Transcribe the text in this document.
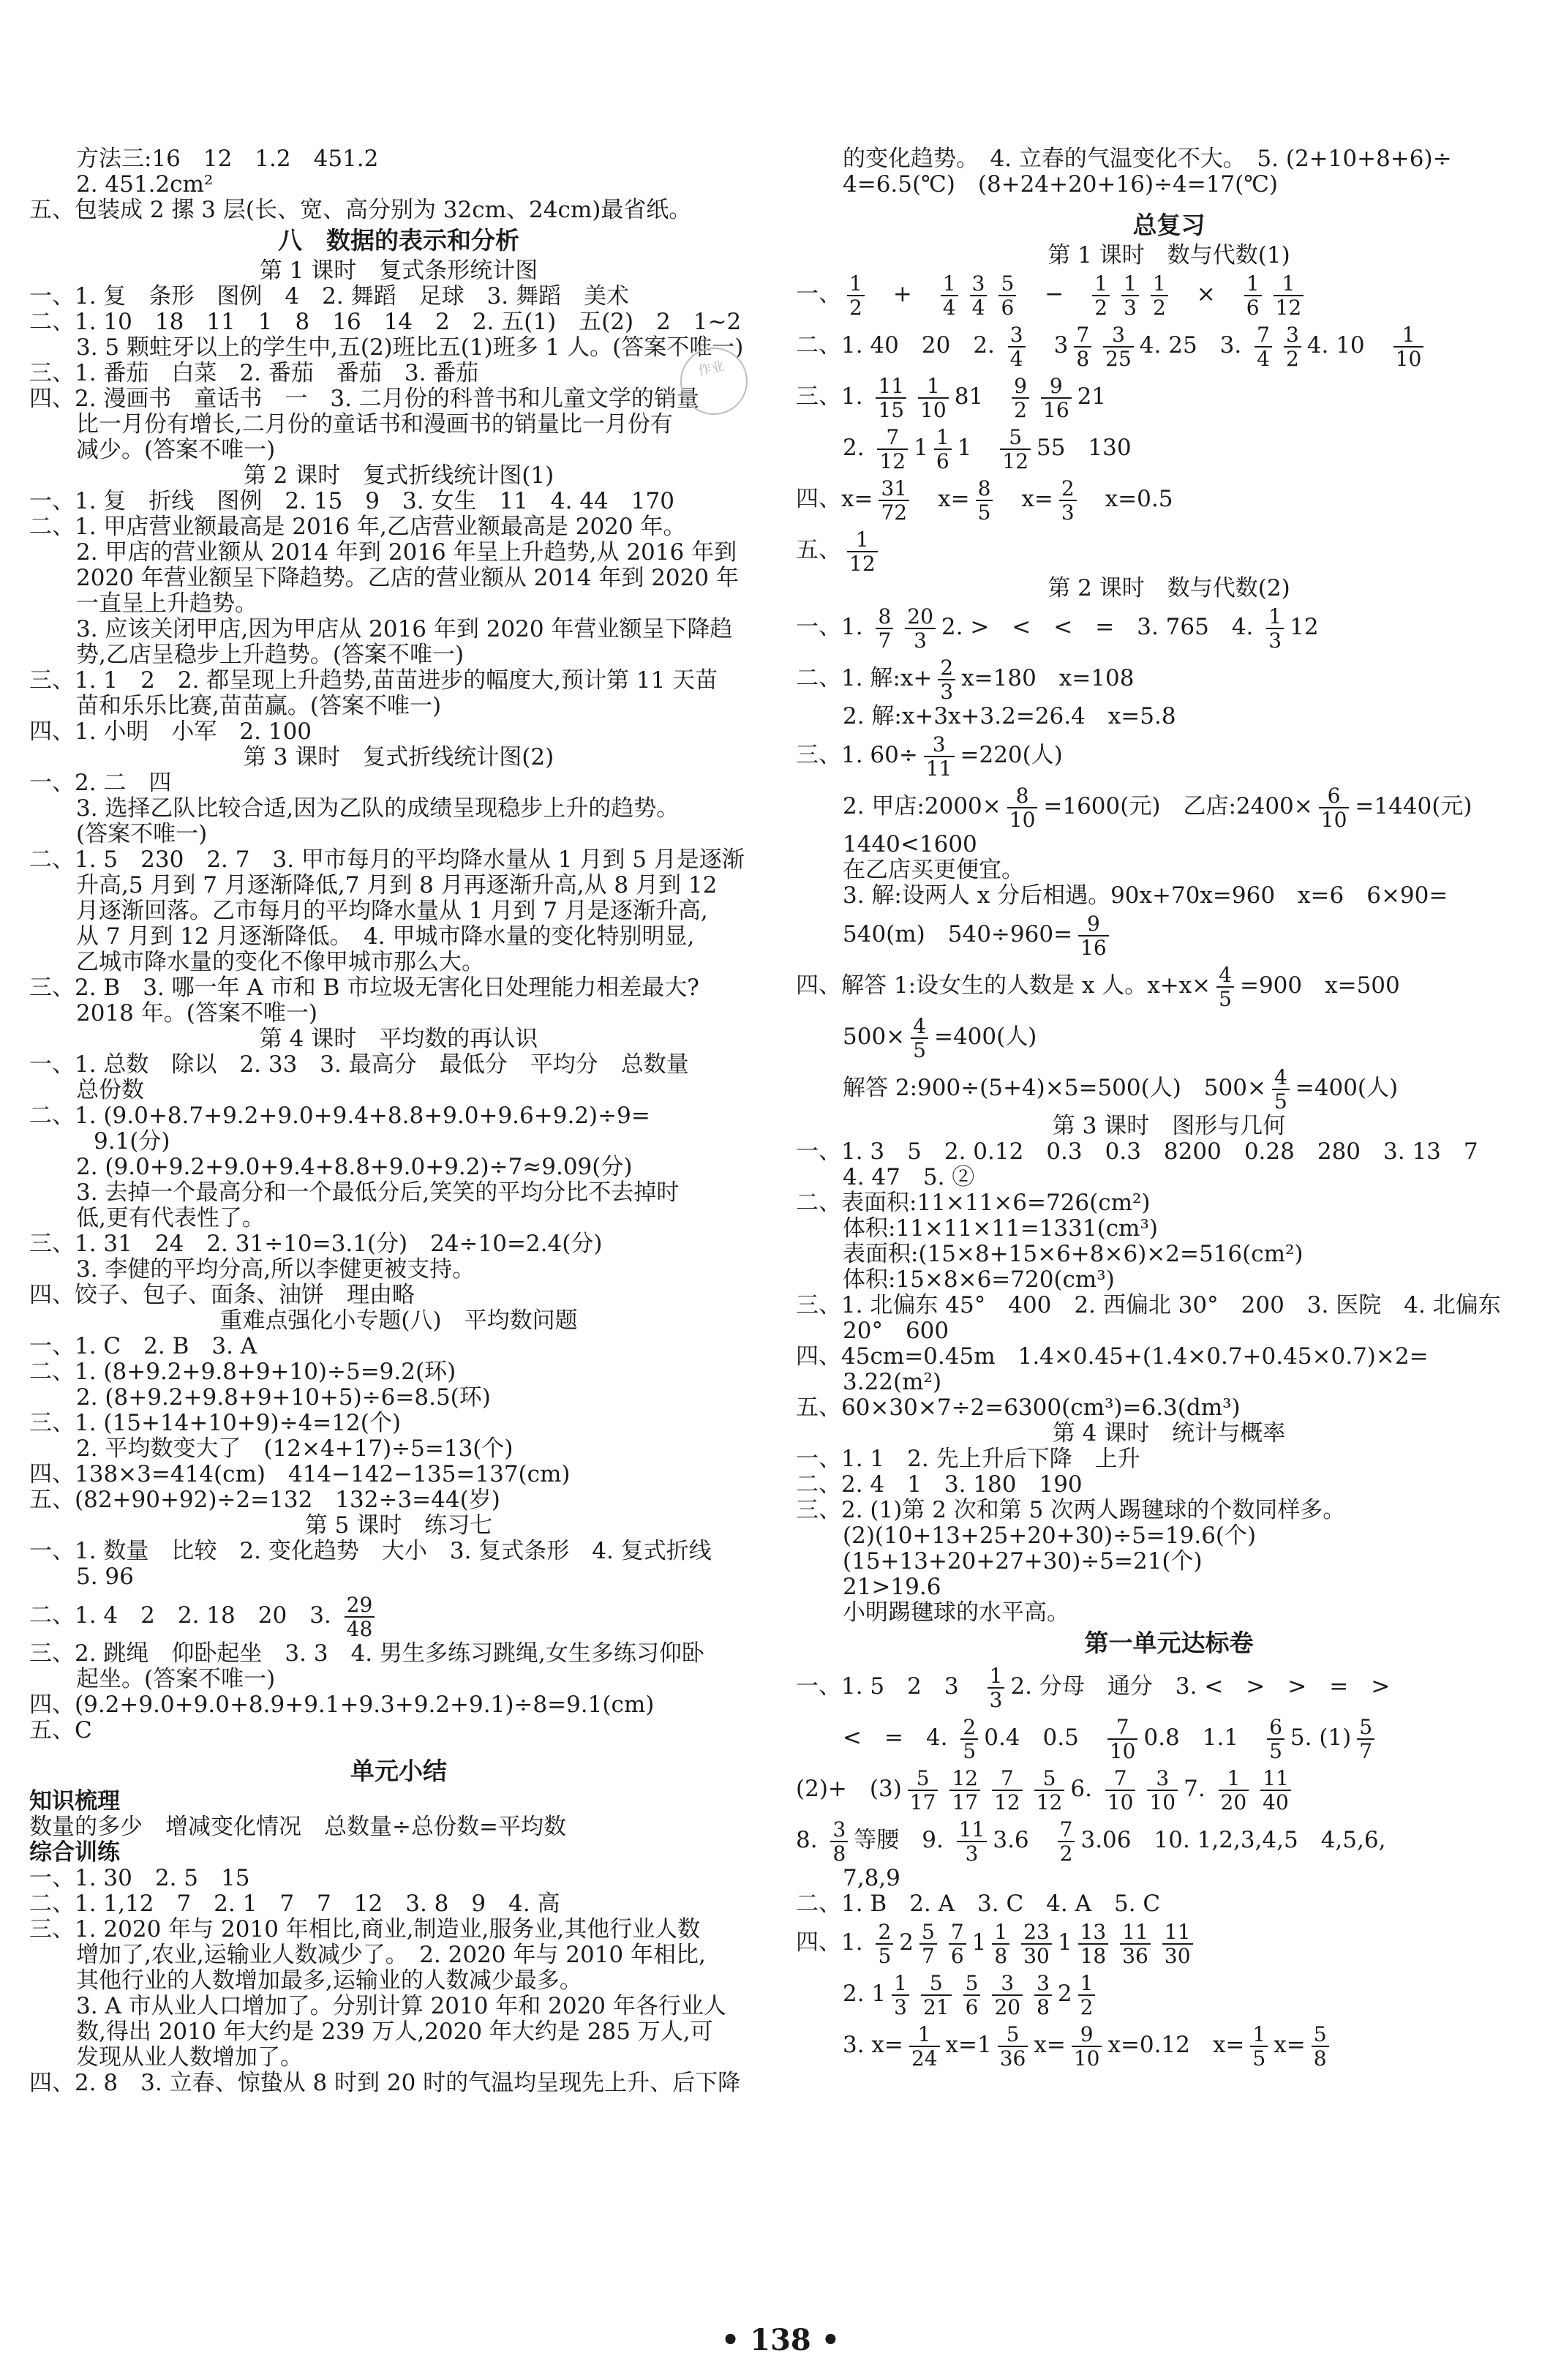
方法三:16　12　1.2　451.2
2. 451.2cm²
五、包装成 2 摞 3 层(长、宽、高分别为 32cm、24cm)最省纸。
八　数据的表示和分析
第 1 课时　复式条形统计图
一、1. 复　条形　图例　4　2. 舞蹈　足球　3. 舞蹈　美术
二、1. 10　18　11　1　8　16　14　2　2. 五(1)　五(2)　2　1~2
3. 5 颗蛀牙以上的学生中,五(2)班比五(1)班多 1 人。(答案不唯一)
三、1. 番茄　白菜　2. 番茄　番茄　3. 番茄
四、2. 漫画书　童话书　一　3. 二月份的科普书和儿童文学的销量
比一月份有增长,二月份的童话书和漫画书的销量比一月份有
减少。(答案不唯一)
第 2 课时　复式折线统计图(1)
一、1. 复　折线　图例　2. 15　9　3. 女生　11　4. 44　170
二、1. 甲店营业额最高是 2016 年,乙店营业额最高是 2020 年。
2. 甲店的营业额从 2014 年到 2016 年呈上升趋势,从 2016 年到
2020 年营业额呈下降趋势。乙店的营业额从 2014 年到 2020 年
一直呈上升趋势。
3. 应该关闭甲店,因为甲店从 2016 年到 2020 年营业额呈下降趋
势,乙店呈稳步上升趋势。(答案不唯一)
三、1. 1　2　2. 都呈现上升趋势,苗苗进步的幅度大,预计第 11 天苗
苗和乐乐比赛,苗苗赢。(答案不唯一)
四、1. 小明　小军　2. 100
第 3 课时　复式折线统计图(2)
一、2. 二　四
3. 选择乙队比较合适,因为乙队的成绩呈现稳步上升的趋势。
(答案不唯一)
二、1. 5　230　2. 7　3. 甲市每月的平均降水量从 1 月到 5 月是逐渐
升高,5 月到 7 月逐渐降低,7 月到 8 月再逐渐升高,从 8 月到 12
月逐渐回落。乙市每月的平均降水量从 1 月到 7 月是逐渐升高,
从 7 月到 12 月逐渐降低。　4. 甲城市降水量的变化特别明显,
乙城市降水量的变化不像甲城市那么大。
三、2. B　3. 哪一年 A 市和 B 市垃圾无害化日处理能力相差最大?
2018 年。(答案不唯一)
第 4 课时　平均数的再认识
一、1. 总数　除以　2. 33　3. 最高分　最低分　平均分　总数量
总份数
二、1. (9.0+8.7+9.2+9.0+9.4+8.8+9.0+9.6+9.2)÷9=
9.1(分)
2. (9.0+9.2+9.0+9.4+8.8+9.0+9.2)÷7≈9.09(分)
3. 去掉一个最高分和一个最低分后,笑笑的平均分比不去掉时
低,更有代表性了。
三、1. 31　24　2. 31÷10=3.1(分)　24÷10=2.4(分)
3. 李健的平均分高,所以李健更被支持。
四、饺子、包子、面条、油饼　理由略
重难点强化小专题(八)　平均数问题
一、1. C　2. B　3. A
二、1. (8+9.2+9.8+9+10)÷5=9.2(环)
2. (8+9.2+9.8+9+10+5)÷6=8.5(环)
三、1. (15+14+10+9)÷4=12(个)
2. 平均数变大了　(12×4+17)÷5=13(个)
四、138×3=414(cm)　414−142−135=137(cm)
五、(82+90+92)÷2=132　132÷3=44(岁)
第 5 课时　练习七
一、1. 数量　比较　2. 变化趋势　大小　3. 复式条形　4. 复式折线
5. 96
二、1. 4　2　2. 18　20　3. $\frac{29}{48}$
三、2. 跳绳　仰卧起坐　3. 3　4. 男生多练习跳绳,女生多练习仰卧
起坐。(答案不唯一)
四、(9.2+9.0+9.0+8.9+9.1+9.3+9.2+9.1)÷8=9.1(cm)
五、C
单元小结
知识梳理
数量的多少　增减变化情况　总数量÷总份数=平均数
综合训练
一、1. 30　2. 5　15
二、1. 1,12　7　2. 1　7　7　12　3. 8　9　4. 高
三、1. 2020 年与 2010 年相比,商业,制造业,服务业,其他行业人数
增加了,农业,运输业人数减少了。　2. 2020 年与 2010 年相比,
其他行业的人数增加最多,运输业的人数减少最多。
3. A 市从业人口增加了。分别计算 2010 年和 2020 年各行业人
数,得出 2010 年大约是 239 万人,2020 年大约是 285 万人,可
发现从业人数增加了。
四、2. 8　3. 立春、惊蛰从 8 时到 20 时的气温均呈现先上升、后下降
的变化趋势。　4. 立春的气温变化不大。　5. (2+10+8+6)÷
4=6.5(℃)　(8+24+20+16)÷4=17(℃)
总复习
第 1 课时　数与代数(1)
一、 $\frac{1}{2}$ 　+　 $\frac{1}{4} \frac{3}{4} \frac{5}{6}$ 　−　 $\frac{1}{2} \frac{1}{3} \frac{1}{2}$ 　×　 $\frac{1}{6} \frac{1}{12}$
二、1. 40　20　2. $\frac{3}{4}$ 　$3 \frac{7}{8} \frac{3}{25} 4$. 25　3. $\frac{7}{4} \frac{3}{2} 4$. 10　 $\frac{1}{10}$
三、1. $\frac{11}{15} \frac{1}{10} 81$　 $\frac{9}{2} \frac{9}{16} 21$
2. $\frac{7}{12} 1 \frac{1}{6} 1$　 $\frac{5}{12} 55$　130
四、$x= \frac{31}{72}$ 　$x= \frac{8}{5}$ 　$x= \frac{2}{3}$ 　x=0.5
五、 $\frac{1}{12}$
第 2 课时　数与代数(2)
一、1. $\frac{8}{7} \frac{20}{3} 2$. >　<　<　=　3. 765　4. $\frac{1}{3} 12$
二、1. 解:x+ $\frac{2}{3} x=180$　x=108
2. 解:x+3x+3.2=26.4　x=5.8
三、1. $60\div \frac{3}{11} =220$(人)
2. 甲店:2000× $\frac{8}{10} =1600$(元)　乙店:2400× $\frac{6}{10} =1440$(元)
1440<1600
在乙店买更便宜。
3. 解:设两人 x 分后相遇。90x+70x=960　x=6　6×90=
540(m)　$540\div 960= \frac{9}{16}$
四、解答 1:设女生的人数是 x 人。$x+x\times \frac{4}{5} =900$　x=500
$500\times \frac{4}{5} =400$(人)
解答 2:900÷(5+4)×5=500(人)　$500\times \frac{4}{5} =400$(人)
第 3 课时　图形与几何
一、1. 3　5　2. 0.12　0.3　0.3　8200　0.28　280　3. 13　7
4. 47　5. ②
二、表面积:11×11×6=726(cm²)
体积:11×11×11=1331(cm³)
表面积:(15×8+15×6+8×6)×2=516(cm²)
体积:15×8×6=720(cm³)
三、1. 北偏东 45°　400　2. 西偏北 30°　200　3. 医院　4. 北偏东
20°　600
四、45cm=0.45m　1.4×0.45+(1.4×0.7+0.45×0.7)×2=
3.22(m²)
五、60×30×7÷2=6300(cm³)=6.3(dm³)
第 4 课时　统计与概率
一、1. 1　2. 先上升后下降　上升
二、2. 4　1　3. 180　190
三、2. (1)第 2 次和第 5 次两人踢毽球的个数同样多。
(2)(10+13+25+20+30)÷5=19.6(个)
(15+13+20+27+30)÷5=21(个)
21>19.6
小明踢毽球的水平高。
第一单元达标卷
一、1. 5　2　3　 $\frac{1}{3} 2$. 分母　通分　3. <　>　>　=　>
<　=　4. $\frac{2}{5} 0.4$　0.5　 $\frac{7}{10} 0.8$　1.1　 $\frac{6}{5} 5$. $(1) \frac{5}{7}$
(2)+　$(3) \frac{5}{17} \frac{12}{17} \frac{7}{12} \frac{5}{12} 6$. $\frac{7}{10} \frac{3}{10} 7$. $\frac{1}{20} \frac{11}{40}$
8. $\frac{3}{8}$ 等腰　9. $\frac{11}{3} 3.6$　 $\frac{7}{2} 3.06$　10. 1,2,3,4,5　4,5,6,
7,8,9
二、1. B　2. A　3. C　4. A　5. C
四、1. $\frac{2}{5} 2 \frac{5}{7} \frac{7}{6} 1 \frac{1}{8} \frac{23}{30} 1 \frac{13}{18} \frac{11}{36} \frac{11}{30}$
2. $1 \frac{1}{3} \frac{5}{21} \frac{5}{6} \frac{3}{20} \frac{3}{8} 2 \frac{1}{2}$
3. $x= \frac{1}{24} x=1 \frac{5}{36} x= \frac{9}{10} x=0.12$　$x= \frac{1}{5} x= \frac{5}{8}$
作业
• 138 •
